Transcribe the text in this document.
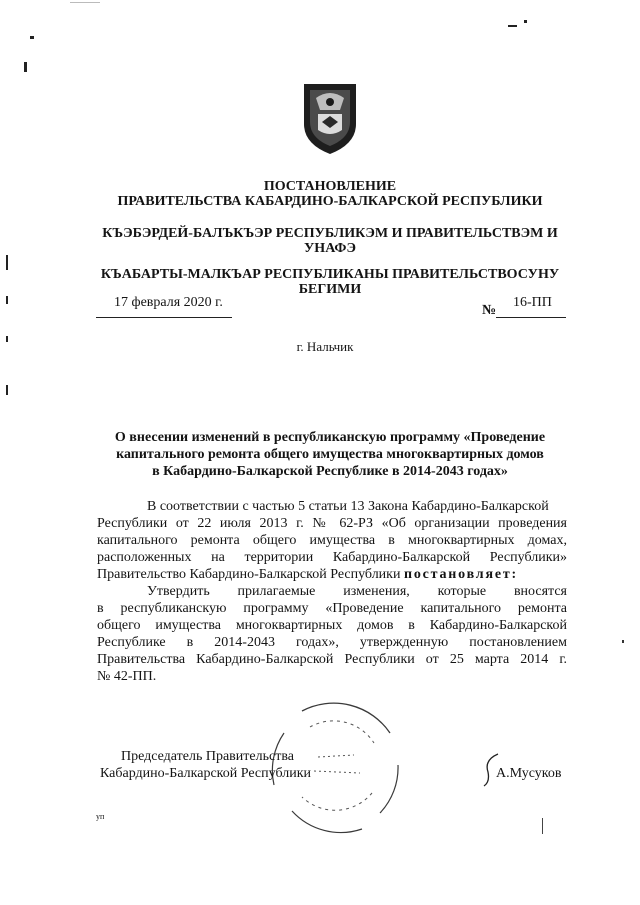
ПОСТАНОВЛЕНИЕ
ПРАВИТЕЛЬСТВА КАБАРДИНО-БАЛКАРСКОЙ РЕСПУБЛИКИ
КЪЭБЭРДЕЙ-БАЛЪКЪЭР РЕСПУБЛИКЭМ И ПРАВИТЕЛЬСТВЭМ И
УНАФЭ
КЪАБАРТЫ-МАЛКЪАР РЕСПУБЛИКАНЫ ПРАВИТЕЛЬСТВОСУНУ
БЕГИМИ
17 февраля 2020 г.
№
16-ПП
г. Нальчик
О внесении изменений в республиканскую программу «Проведение
капитального ремонта общего имущества многоквартирных домов
в Кабардино-Балкарской Республике в 2014-2043 годах»
В соответствии с частью 5 статьи 13 Закона Кабардино-Балкарской
Республики от 22 июля 2013 г. № 62-РЗ «Об организации проведения
капитального ремонта общего имущества в многоквартирных домах,
расположенных на территории Кабардино-Балкарской Республики»
Правительство Кабардино-Балкарской Республики постановляет:
Утвердить прилагаемые изменения, которые вносятся
в республиканскую программу «Проведение капитального ремонта
общего имущества многоквартирных домов в Кабардино-Балкарской
Республике в 2014-2043 годах», утвержденную постановлением
Правительства Кабардино-Балкарской Республики от 25 марта 2014 г.
№ 42-ПП.
Председатель Правительства
Кабардино-Балкарской Республики	А.Мусуков
уп
